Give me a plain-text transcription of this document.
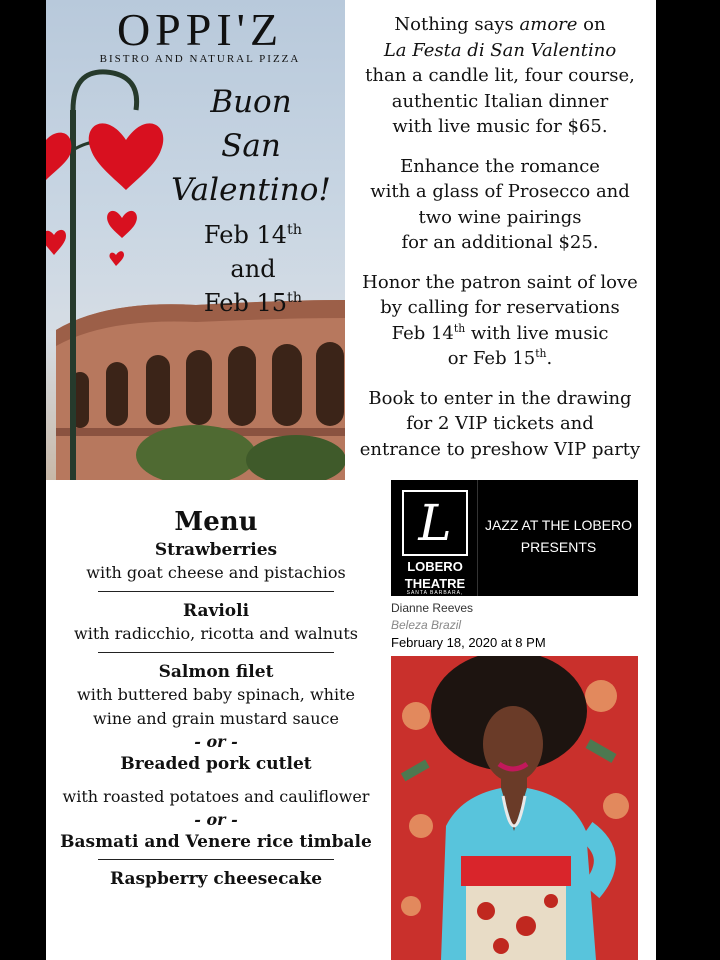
OPPI'Z
BISTRO AND NATURAL PIZZA
Buon
San
Valentino!
Feb 14th
and
Feb 15th

Nothing says amore on
La Festa di San Valentino
than a candle lit, four course,
authentic Italian dinner
with live music for $65.

Enhance the romance
with a glass of Prosecco and
two wine pairings
for an additional $25.

Honor the patron saint of love
by calling for reservations
Feb 14th with live music
or Feb 15th.

Book to enter in the drawing
for 2 VIP tickets and
entrance to preshow VIP party

Menu
Strawberries
with goat cheese and pistachios
Ravioli
with radicchio, ricotta and walnuts
Salmon filet
with buttered baby spinach, white
wine and grain mustard sauce
- or -
Breaded pork cutlet
with roasted potatoes and cauliflower
- or -
Basmati and Venere rice timbale
Raspberry cheesecake
L
LOBERO
THEATRE
SANTA BARBARA, CA
JAZZ AT THE LOBERO
PRESENTS
Dianne Reeves
Beleza Brazil
February 18, 2020 at 8 PM
